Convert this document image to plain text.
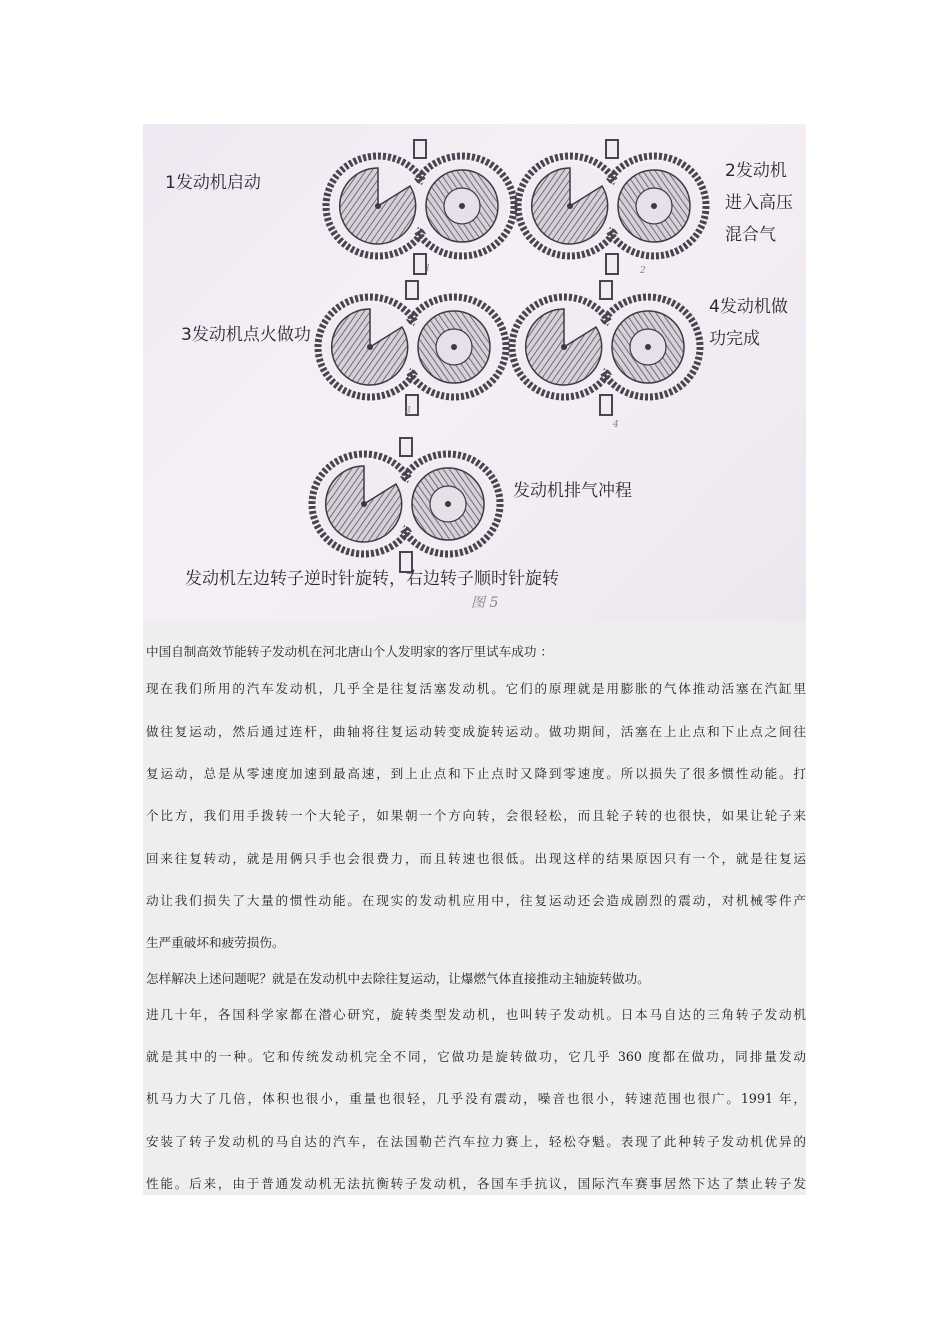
1发动机启动
2发动机
进入高压
混合气
3发动机点火做功
4发动机做
功完成
发动机排气冲程
发动机左边转子逆时针旋转，右边转子顺时针旋转
1	2
3
4
图 5
中国自制高效节能转子发动机在河北唐山个人发明家的客厅里试车成功 ：
现在我们所用的汽车发动机，几乎全是往复活塞发动机。它们的原理就是用膨胀的气体推动活塞在汽缸里
做往复运动，然后通过连杆，曲轴将往复运动转变成旋转运动。做功期间，活塞在上止点和下止点之间往
复运动，总是从零速度加速到最高速，到上止点和下止点时又降到零速度。所以损失了很多惯性动能。打
个比方，我们用手拨转一个大轮子，如果朝一个方向转，会很轻松，而且轮子转的也很快，如果让轮子来
回来往复转动，就是用俩只手也会很费力，而且转速也很低。出现这样的结果原因只有一个，就是往复运
动让我们损失了大量的惯性动能。在现实的发动机应用中，往复运动还会造成剧烈的震动，对机械零件产
生严重破坏和疲劳损伤。
怎样解决上述问题呢？就是在发动机中去除往复运动，让爆燃气体直接推动主轴旋转做功。
进几十年，各国科学家都在潜心研究，旋转类型发动机，也叫转子发动机。日本马自达的三角转子发动机
就是其中的一种。它和传统发动机完全不同，它做功是旋转做功，它几乎 360 度都在做功，同排量发动
机马力大了几倍，体积也很小，重量也很轻，几乎没有震动，噪音也很小，转速范围也很广。1991 年，
安装了转子发动机的马自达的汽车，在法国勒芒汽车拉力赛上，轻松夺魁。表现了此种转子发动机优异的
性能。后来，由于普通发动机无法抗衡转子发动机，各国车手抗议，国际汽车赛事居然下达了禁止转子发
